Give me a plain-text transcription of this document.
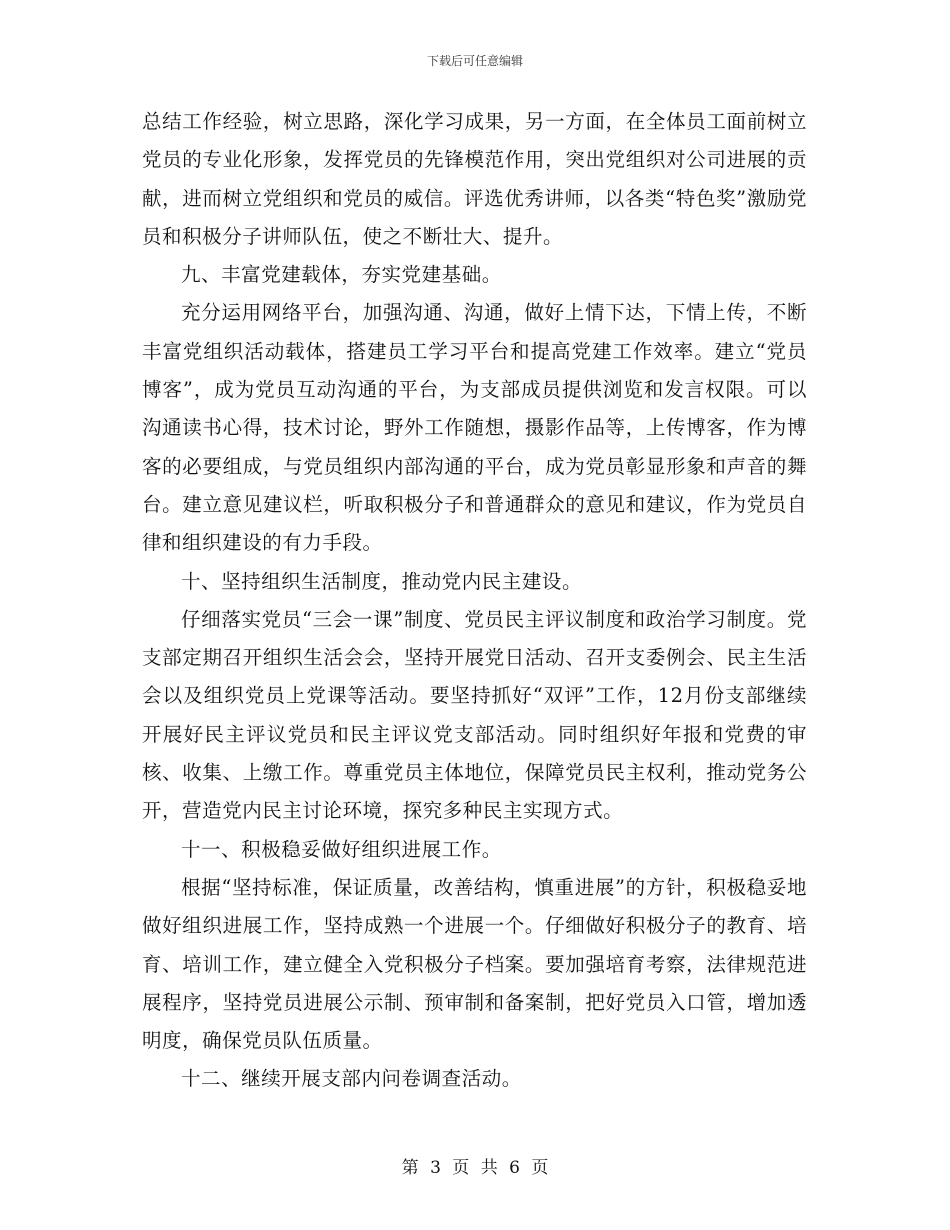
下载后可任意编辑

总结工作经验，树立思路，深化学习成果，另一方面，在全体员工面前树立党员的专业化形象，发挥党员的先锋模范作用，突出党组织对公司进展的贡献，进而树立党组织和党员的威信。评选优秀讲师，以各类“特色奖”激励党员和积极分子讲师队伍，使之不断壮大、提升。

九、丰富党建载体，夯实党建基础。

充分运用网络平台，加强沟通、沟通，做好上情下达，下情上传，不断丰富党组织活动载体，搭建员工学习平台和提高党建工作效率。建立“党员博客”，成为党员互动沟通的平台，为支部成员提供浏览和发言权限。可以沟通读书心得，技术讨论，野外工作随想，摄影作品等，上传博客，作为博客的必要组成，与党员组织内部沟通的平台，成为党员彰显形象和声音的舞台。建立意见建议栏，听取积极分子和普通群众的意见和建议，作为党员自律和组织建设的有力手段。

十、坚持组织生活制度，推动党内民主建设。

仔细落实党员“三会一课”制度、党员民主评议制度和政治学习制度。党支部定期召开组织生活会会，坚持开展党日活动、召开支委例会、民主生活会以及组织党员上党课等活动。要坚持抓好“双评”工作，12月份支部继续开展好民主评议党员和民主评议党支部活动。同时组织好年报和党费的审核、收集、上缴工作。尊重党员主体地位，保障党员民主权利，推动党务公开，营造党内民主讨论环境，探究多种民主实现方式。

十一、积极稳妥做好组织进展工作。

根据“坚持标准，保证质量，改善结构，慎重进展”的方针，积极稳妥地做好组织进展工作，坚持成熟一个进展一个。仔细做好积极分子的教育、培育、培训工作，建立健全入党积极分子档案。要加强培育考察，法律规范进展程序，坚持党员进展公示制、预审制和备案制，把好党员入口管，增加透明度，确保党员队伍质量。

十二、继续开展支部内问卷调查活动。

第 3 页 共 6 页
